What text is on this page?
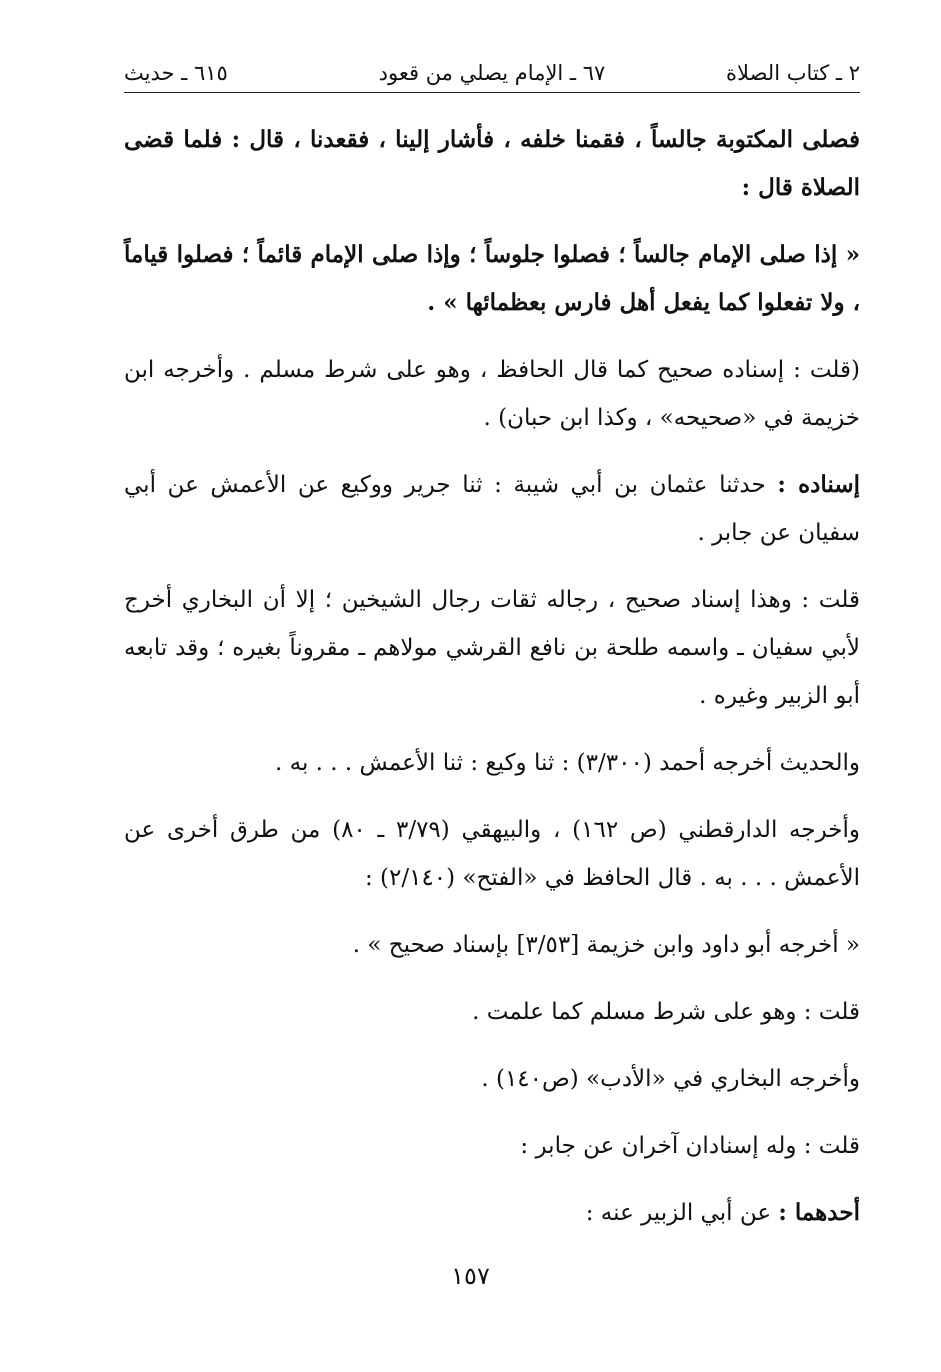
٢ ـ كتاب الصلاة
٦٧ ـ الإمام يصلي من قعود
٦١٥ ـ حديث

فصلى المكتوبة جالساً ، فقمنا خلفه ، فأشار إلينا ، فقعدنا ، قال : فلما قضى الصلاة قال :

« إذا صلى الإمام جالساً ؛ فصلوا جلوساً ؛ وإذا صلى الإمام قائماً ؛ فصلوا قياماً ، ولا تفعلوا كما يفعل أهل فارس بعظمائها » .

(قلت : إسناده صحيح كما قال الحافظ ، وهو على شرط مسلم . وأخرجه ابن خزيمة في «صحيحه» ، وكذا ابن حبان) .

إسناده : حدثنا عثمان بن أبي شيبة : ثنا جرير ووكيع عن الأعمش عن أبي سفيان عن جابر .

قلت : وهذا إسناد صحيح ، رجاله ثقات رجال الشيخين ؛ إلا أن البخاري أخرج لأبي سفيان ـ واسمه طلحة بن نافع القرشي مولاهم ـ مقروناً بغيره ؛ وقد تابعه أبو الزبير وغيره .

والحديث أخرجه أحمد (٣/٣٠٠) : ثنا وكيع : ثنا الأعمش . . . به .

وأخرجه الدارقطني (ص ١٦٢) ، والبيهقي (٣/٧٩ ـ ٨٠) من طرق أخرى عن الأعمش . . . به . قال الحافظ في «الفتح» (٢/١٤٠) :

« أخرجه أبو داود وابن خزيمة [٣/٥٣] بإسناد صحيح » .

قلت : وهو على شرط مسلم كما علمت .

وأخرجه البخاري في «الأدب» (ص١٤٠) .

قلت : وله إسنادان آخران عن جابر :

أحدهما : عن أبي الزبير عنه :

١٥٧
